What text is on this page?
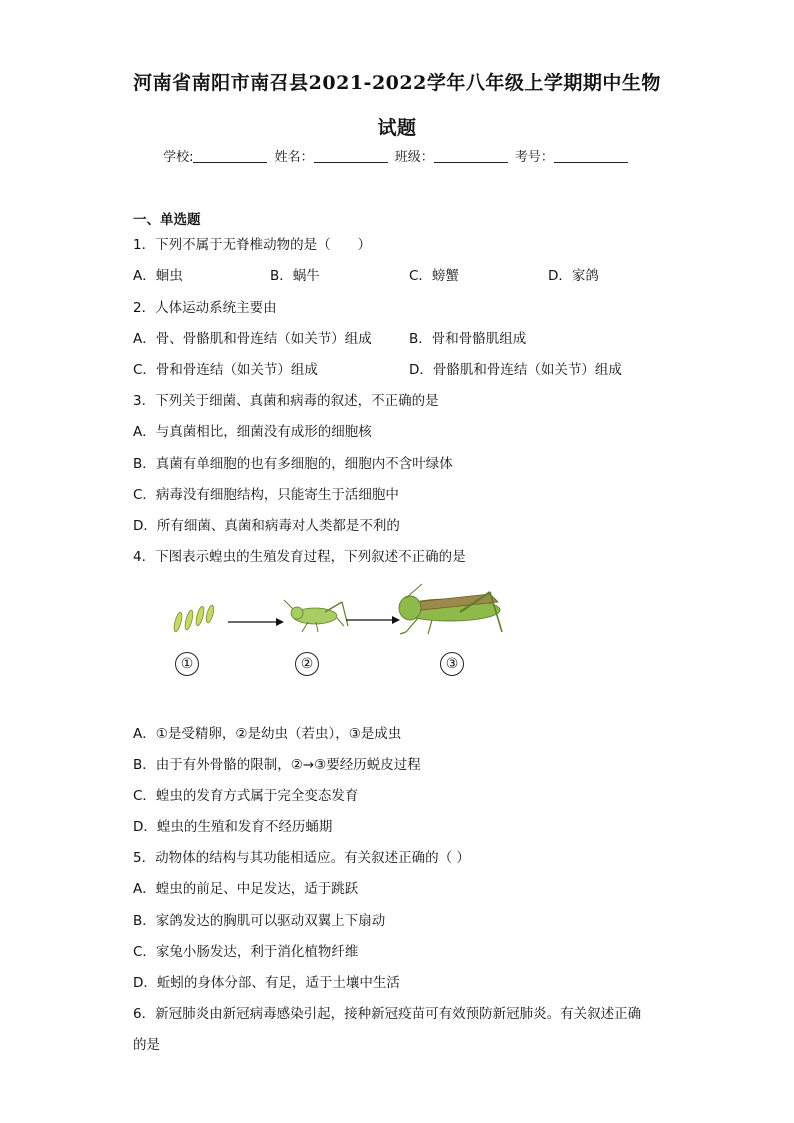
河南省南阳市南召县2021-2022学年八年级上学期期中生物
试题
学校:	姓名：	班级：	考号：
一、单选题
1．下列不属于无脊椎动物的是（　　）
A．蛔虫	B．蜗牛	C．螃蟹	D．家鸽
2．人体运动系统主要由
A．骨、骨骼肌和骨连结（如关节）组成	B．骨和骨骼肌组成
C．骨和骨连结（如关节）组成	D．骨骼肌和骨连结（如关节）组成
3．下列关于细菌、真菌和病毒的叙述，不正确的是
A．与真菌相比，细菌没有成形的细胞核
B．真菌有单细胞的也有多细胞的，细胞内不含叶绿体
C．病毒没有细胞结构，只能寄生于活细胞中
D．所有细菌、真菌和病毒对人类都是不利的
4．下图表示蝗虫的生殖发育过程，下列叙述不正确的是
①	②	③
A．①是受精卵，②是幼虫（若虫），③是成虫
B．由于有外骨骼的限制，②→③要经历蜕皮过程
C．蝗虫的发育方式属于完全变态发育
D．蝗虫的生殖和发育不经历蛹期
5．动物体的结构与其功能相适应。有关叙述正确的（ ）
A．蝗虫的前足、中足发达，适于跳跃
B．家鸽发达的胸肌可以驱动双翼上下扇动
C．家兔小肠发达，利于消化植物纤维
D．蚯蚓的身体分部、有足，适于土壤中生活
6．新冠肺炎由新冠病毒感染引起，接种新冠疫苗可有效预防新冠肺炎。有关叙述正确
的是
